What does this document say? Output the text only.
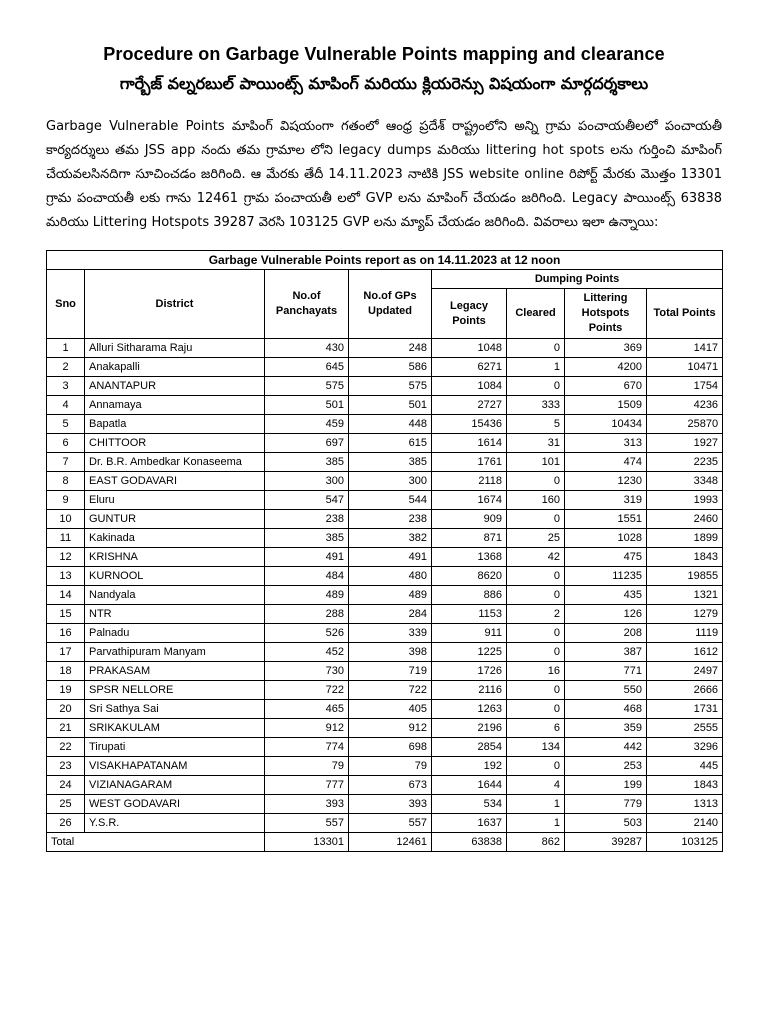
Procedure on Garbage Vulnerable Points mapping and clearance
గార్బేజ్ వల్నరబుల్ పాయింట్స్ మాపింగ్ మరియు క్లియరెన్సు విషయంగా మార్గదర్శకాలు
Garbage Vulnerable Points మాపింగ్ విషయంగా గతంలో ఆంధ్ర ప్రదేశ్ రాష్ట్రంలోని అన్ని గ్రామ పంచాయతీలలో పంచాయతీ కార్యదర్శులు తమ JSS app నందు తమ గ్రామాల లోని legacy dumps మరియు littering hot spots లను గుర్తించి మాపింగ్ చేయవలసినదిగా సూచించడం జరిగింది. ఆ మేరకు తేదీ 14.11.2023 నాటికి JSS website online రిపోర్ట్ మేరకు మొత్తం 13301 గ్రామ పంచాయతీ లకు గాను 12461 గ్రామ పంచాయతీ లలో GVP లను మాపింగ్ చేయడం జరిగింది. Legacy పాయింట్స్ 63838 మరియు Littering Hotspots 39287 వెరసి 103125 GVP లను మ్యాప్ చేయడం జరిగింది. వివరాలు ఇలా ఉన్నాయి:
Garbage Vulnerable Points report as on 14.11.2023 at 12 noon							
Sno	District	No.of Panchayats	No.of GPs Updated	Dumping Points			
				Legacy Points	Cleared	Littering Hotspots Points	Total Points
1	Alluri Sitharama Raju	430	248	1048	0	369	1417
2	Anakapalli	645	586	6271	1	4200	10471
3	ANANTAPUR	575	575	1084	0	670	1754
4	Annamaya	501	501	2727	333	1509	4236
5	Bapatla	459	448	15436	5	10434	25870
6	CHITTOOR	697	615	1614	31	313	1927
7	Dr. B.R. Ambedkar Konaseema	385	385	1761	101	474	2235
8	EAST GODAVARI	300	300	2118	0	1230	3348
9	Eluru	547	544	1674	160	319	1993
10	GUNTUR	238	238	909	0	1551	2460
11	Kakinada	385	382	871	25	1028	1899
12	KRISHNA	491	491	1368	42	475	1843
13	KURNOOL	484	480	8620	0	11235	19855
14	Nandyala	489	489	886	0	435	1321
15	NTR	288	284	1153	2	126	1279
16	Palnadu	526	339	911	0	208	1119
17	Parvathipuram Manyam	452	398	1225	0	387	1612
18	PRAKASAM	730	719	1726	16	771	2497
19	SPSR NELLORE	722	722	2116	0	550	2666
20	Sri Sathya Sai	465	405	1263	0	468	1731
21	SRIKAKULAM	912	912	2196	6	359	2555
22	Tirupati	774	698	2854	134	442	3296
23	VISAKHAPATANAM	79	79	192	0	253	445
24	VIZIANAGARAM	777	673	1644	4	199	1843
25	WEST GODAVARI	393	393	534	1	779	1313
26	Y.S.R.	557	557	1637	1	503	2140
Total		13301	12461	63838	862	39287	103125
